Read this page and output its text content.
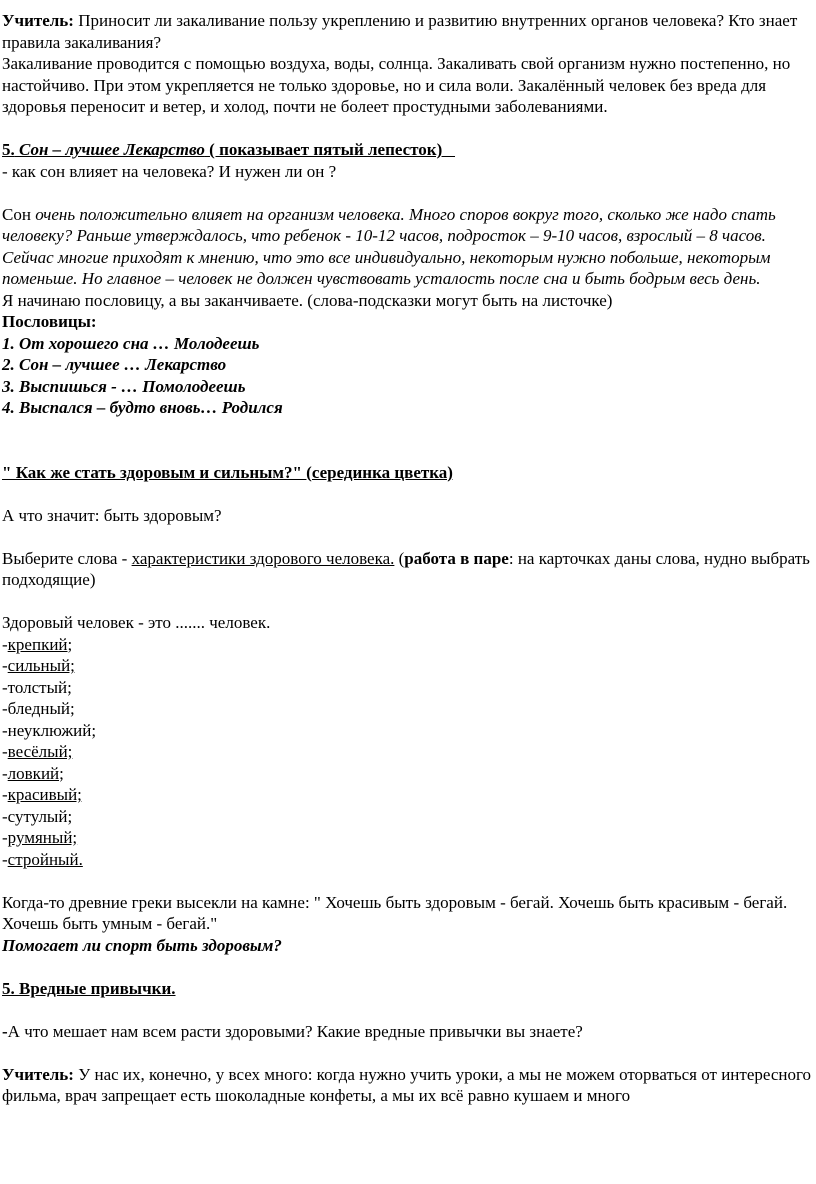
Учитель: Приносит ли закаливание пользу укреплению и развитию внутренних органов человека? Кто знает правила закаливания?

Закаливание проводится с помощью воздуха, воды, солнца. Закаливать свой организм нужно постепенно, но настойчиво. При этом укрепляется не только здоровье, но и сила воли. Закалённый человек без вреда для здоровья переносит и ветер, и холод, почти не болеет простудными заболеваниями.

5. Сон – лучшее Лекарство ( показывает пятый лепесток)

- как сон влияет на человека? И нужен ли он ?

Сон очень положительно влияет на организм человека. Много споров вокруг того, сколько же надо спать человеку? Раньше утверждалось, что ребенок - 10-12 часов, подросток – 9-10 часов, взрослый – 8 часов. Сейчас многие приходят к мнению, что это все индивидуально, некоторым нужно побольше, некоторым поменьше. Но главное – человек не должен чувствовать усталость после сна и быть бодрым весь день.

Я начинаю пословицу, а вы заканчиваете. (слова-подсказки могут быть на листочке)

Пословицы:

1. От хорошего сна … Молодеешь

2. Сон – лучшее … Лекарство

3. Выспишься - … Помолодеешь

4. Выспался – будто вновь… Родился

" Как же стать здоровым и сильным?" (серединка цветка)

А что значит: быть здоровым?

Выберите слова - характеристики здорового человека. (работа в паре: на карточках даны слова, нудно выбрать подходящие)

Здоровый человек - это ....... человек.

-крепкий;

-сильный;

-толстый;

-бледный;

-неуклюжий;

-весёлый;

-ловкий;

-красивый;

-сутулый;

-румяный;

-стройный.

Когда-то древние греки высекли на камне: " Хочешь быть здоровым - бегай. Хочешь быть красивым - бегай. Хочешь быть умным - бегай."

Помогает ли спорт быть здоровым?

5. Вредные привычки.

-А что мешает нам всем расти здоровыми? Какие вредные привычки вы знаете?

Учитель: У нас их, конечно, у всех много: когда нужно учить уроки, а мы не можем оторваться от интересного фильма, врач запрещает есть шоколадные конфеты, а мы их всё равно кушаем и много
